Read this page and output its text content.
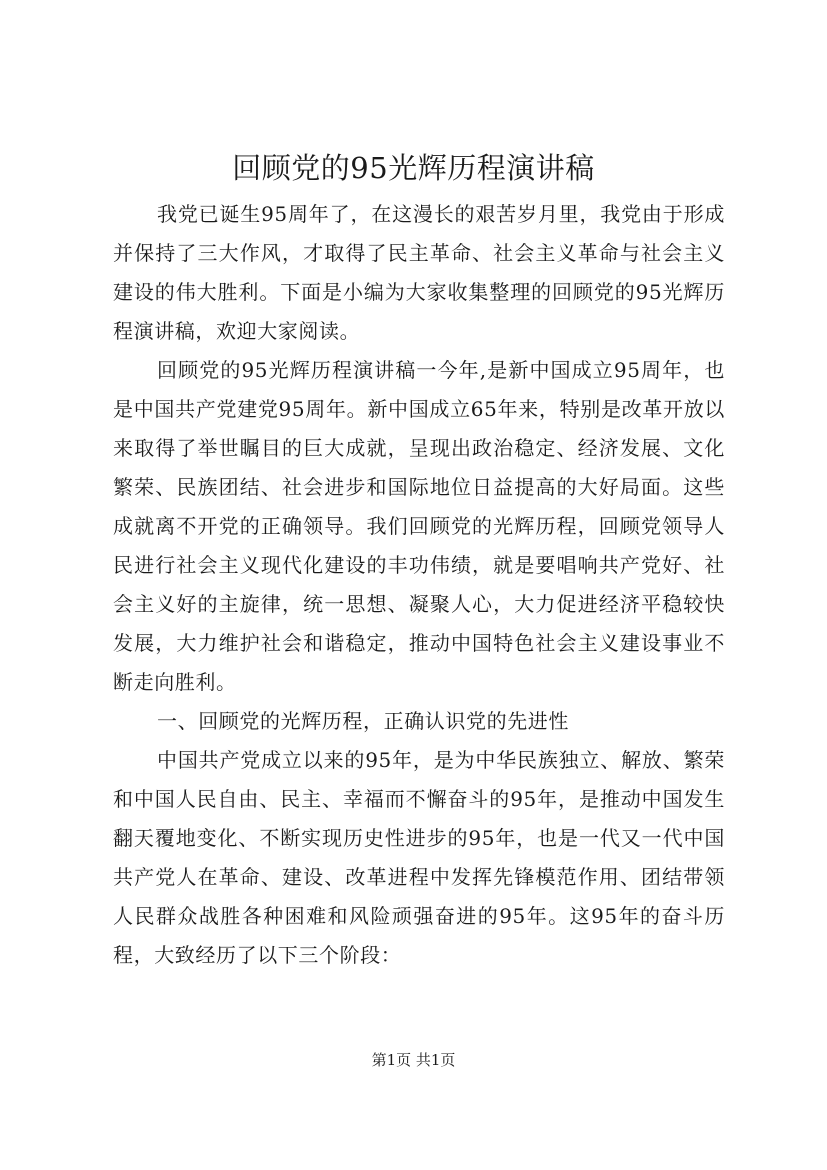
回顾党的95光辉历程演讲稿

我党已诞生95周年了，在这漫长的艰苦岁月里，我党由于形成并保持了三大作风，才取得了民主革命、社会主义革命与社会主义建设的伟大胜利。下面是小编为大家收集整理的回顾党的95光辉历程演讲稿，欢迎大家阅读。

回顾党的95光辉历程演讲稿一今年,是新中国成立95周年，也是中国共产党建党95周年。新中国成立65年来，特别是改革开放以来取得了举世瞩目的巨大成就，呈现出政治稳定、经济发展、文化繁荣、民族团结、社会进步和国际地位日益提高的大好局面。这些成就离不开党的正确领导。我们回顾党的光辉历程，回顾党领导人民进行社会主义现代化建设的丰功伟绩，就是要唱响共产党好、社会主义好的主旋律，统一思想、凝聚人心，大力促进经济平稳较快发展，大力维护社会和谐稳定，推动中国特色社会主义建设事业不断走向胜利。

一、回顾党的光辉历程，正确认识党的先进性

中国共产党成立以来的95年，是为中华民族独立、解放、繁荣和中国人民自由、民主、幸福而不懈奋斗的95年，是推动中国发生翻天覆地变化、不断实现历史性进步的95年，也是一代又一代中国共产党人在革命、建设、改革进程中发挥先锋模范作用、团结带领人民群众战胜各种困难和风险顽强奋进的95年。这95年的奋斗历程，大致经历了以下三个阶段：

第1页 共1页
